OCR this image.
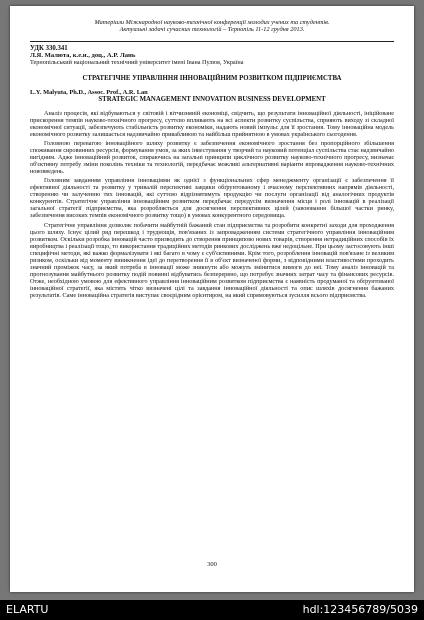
Матеріали Міжнародної науково-технічної конференції молодих учених та студентів.
Актуальні задачі сучасних технологій – Тернопіль 11-12 грудня 2013.
УДК 330.341
Л.Я. Малюта, к.е.н., доц., А.Р. Лань
Тернопільський національний технічний університет імені Івана Пулюя, Україна
СТРАТЕГІЧНЕ УПРАВЛІННЯ ІННОВАЦІЙНИМ РОЗВИТКОМ ПІДПРИЄМСТВА
L.Y. Malyuta, Ph.D., Assoc. Prof., A.R. Lan
STRATEGIC MANAGEMENT INNOVATION BUSINESS DEVELOPMENT

Аналіз процесів, які відбуваються у світовій і вітчизняній економіці, свідчить, що результати інноваційної діяльності, ініційоване прискорення темпів науково-технічного прогресу, суттєво впливають на всі аспекти розвитку суспільства, сприяють виходу зі складної економічної ситуації, забезпечують стабільність розвитку економіки, надають новий імпульс для її зростання. Тому інноваційна модель економічного розвитку залишається надзвичайно привабливою та найбільш прийнятною в умовах українського сьогодення.

Головною перевагою інноваційного шляху розвитку є забезпечення економічного зростання без пропорційного збільшення споживання сировинних ресурсів, формування умов, за яких інвестування у творчий та науковий потенціал суспільства стає надзвичайно вигідним. Аджe інноваційний розвиток, спираючись на загальні принципи циклічного розвитку науково-технічного прогресу, визначає об'єктивну потребу зміни поколінь техніки та технологій, передбачає можливі альтернативні варіанти впровадження науково-технічних нововведень.

Головним завданням управління інноваціями як однієї з функціональних сфер менеджменту організації є забезпечення її ефективної діяльності та розвитку у тривалій перспективі завдяки обґрунтованому і вчасному перспективних напрямів діяльності, створенню чи залученню тих інновацій, які суттєво відрізнятимуть продукцію чи послуги організації від аналогічних продуктів конкурентів. Стратегічне управління інноваційним розвитком передбачає передусім визначення місця і ролі інновацій в реалізації загальної стратегії підприємства, яка розробляється для досягнення перспективних цілей (завоювання більшої частки ринку, забезпечення високих темпів економічного розвитку тощо) в умовах конкурентного середовища.

Стратегічне управління дозволяє побачити майбутній бажаний стан підприємства та розробити конкретні заходи для проходження цього шляху. Існує цілий ряд перешкод і труднощів, пов'язаних із запровадженням системи стратегічного управління інноваційним розвитком. Оскільки розробка інновацій часто призводить до створення принципово нових товарів, створення нетрадиційних способів їх виробництва і реалізації тощо, то використання традиційних методів ринкових досліджень вже недоцільне. При цьому застосовують інші специфічні методи, які важко формалізувати і які багато в чому є суб'єктивними. Крім того, розроблення інновацій пов'язане із великим ризиком, оскільки від моменту виникнення ідеї до перетворення її в об'єкт визначеної форми, з відповідними властивостями проходить значний проміжок часу, за який потреба в інновації може зникнути або можуть змінитися вимоги до неї. Тому аналіз інновацій та прогнозування майбутнього розвитку подій повинні відбуватись безперервно, що потребує значних затрат часу та фінансових ресурсів. Отже, необхідною умовою для ефективного управління інноваційним розвитком підприємства є наявність продуманої та обґрунтованої інноваційної стратегії, яка містить чітко визначені цілі та завдання інноваційної діяльності та опис шляхів досягнення бажаних результатів. Саме інноваційна стратегія виступає своєрідним орієнтиром, на який спрямовуються зусилля всього підприємства.

300
ELARTU	hdl:123456789/5039
